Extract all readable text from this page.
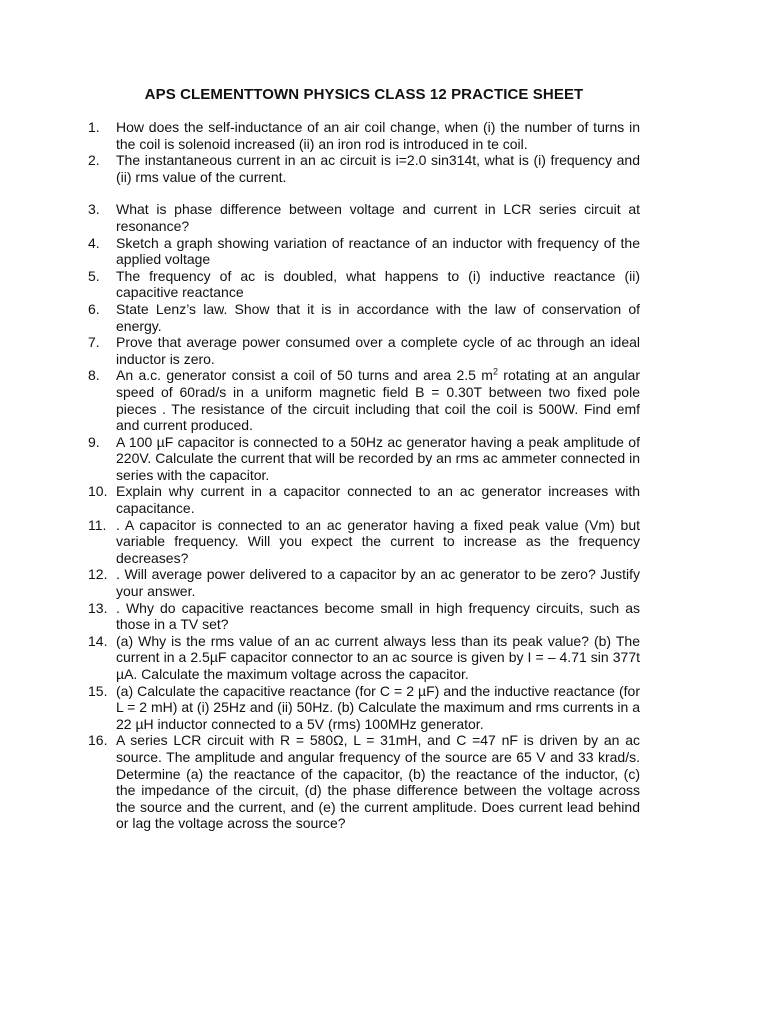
APS CLEMENTTOWN PHYSICS CLASS 12 PRACTICE SHEET
1.	How does the self-inductance of an air coil change, when (i) the number of turns in the coil is solenoid increased (ii) an iron rod is introduced in te coil.
2.	The instantaneous current in an ac circuit is i=2.0 sin314t, what is (i) frequency and (ii) rms value of the current.
3.	What is phase difference between voltage and current in LCR series circuit at resonance?
4.	Sketch a graph showing variation of reactance of an inductor with frequency of the applied voltage
5.	The frequency of ac is doubled, what happens to (i) inductive reactance (ii) capacitive reactance
6.	State Lenz’s law. Show that it is in accordance with the law of conservation of energy.
7.	Prove that average power consumed over a complete cycle of ac through an ideal inductor is zero.
8.	An a.c. generator consist a coil of 50 turns and area 2.5 $m^2$ rotating at an angular speed of 60rad/s in a uniform magnetic field B = 0.30T between two fixed pole pieces . The resistance of the circuit including that coil the coil is 500W. Find emf and current produced.
9.	A 100 µF capacitor is connected to a 50Hz ac generator having a peak amplitude of 220V. Calculate the current that will be recorded by an rms ac ammeter connected in series with the capacitor.
10. Explain why current in a capacitor connected to an ac generator increases with capacitance.
11. . A capacitor is connected to an ac generator having a fixed peak value (Vm) but variable frequency. Will you expect the current to increase as the frequency decreases?
12. . Will average power delivered to a capacitor by an ac generator to be zero? Justify your answer.
13. . Why do capacitive reactances become small in high frequency circuits, such as those in a TV set?
14. (a) Why is the rms value of an ac current always less than its peak value? (b) The current in a 2.5µF capacitor connector to an ac source is given by I = – 4.71 sin 377t µA. Calculate the maximum voltage across the capacitor.
15. (a) Calculate the capacitive reactance (for C = 2 µF) and the inductive reactance (for L = 2 mH) at (i) 25Hz and (ii) 50Hz. (b) Calculate the maximum and rms currents in a 22 µH inductor connected to a 5V (rms) 100MHz generator.
16. A series LCR circuit with R = 580Ω, L = 31mH, and C =47 nF is driven by an ac source. The amplitude and angular frequency of the source are 65 V and 33 krad/s. Determine (a) the reactance of the capacitor, (b) the reactance of the inductor, (c) the impedance of the circuit, (d) the phase difference between the voltage across the source and the current, and (e) the current amplitude. Does current lead behind or lag the voltage across the source?
